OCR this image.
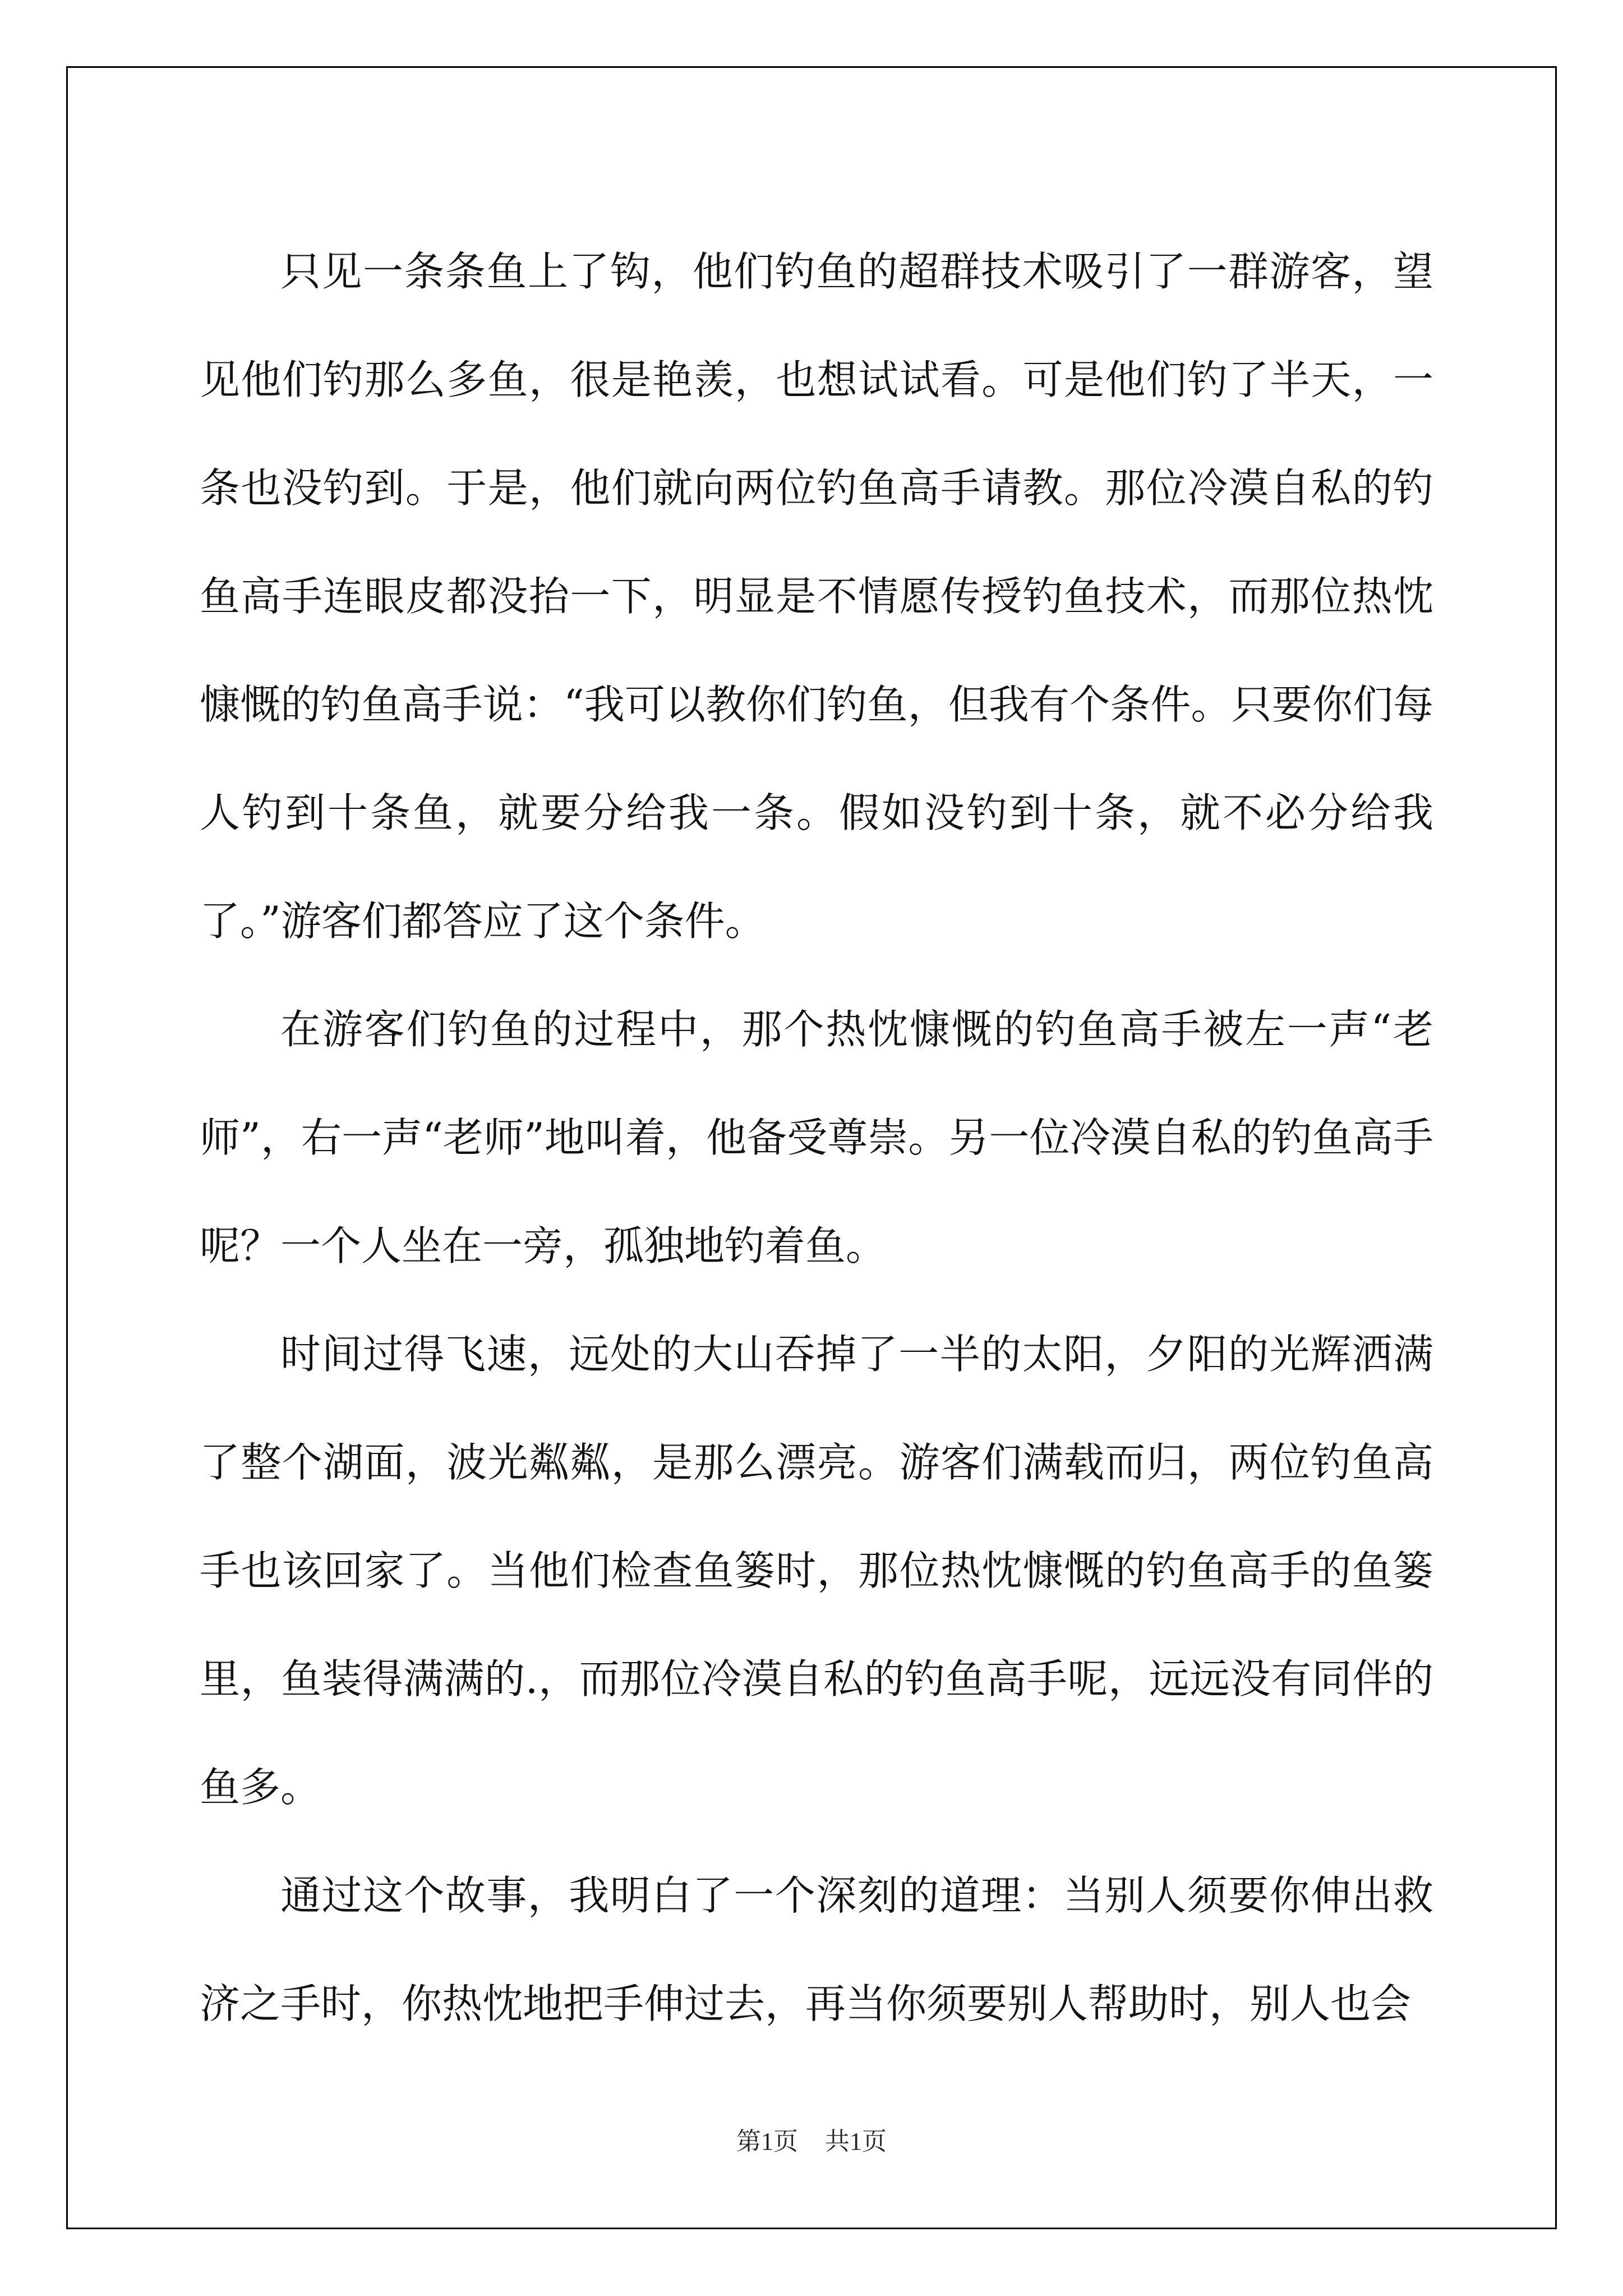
只见一条条鱼上了钩，他们钓鱼的超群技术吸引了一群游客，望见他们钓那么多鱼，很是艳羡，也想试试看。可是他们钓了半天，一条也没钓到。于是，他们就向两位钓鱼高手请教。那位冷漠自私的钓鱼高手连眼皮都没抬一下，明显是不情愿传授钓鱼技术，而那位热忱慷慨的钓鱼高手说：“我可以教你们钓鱼，但我有个条件。只要你们每人钓到十条鱼，就要分给我一条。假如没钓到十条，就不必分给我了。”游客们都答应了这个条件。

在游客们钓鱼的过程中，那个热忱慷慨的钓鱼高手被左一声“老师”，右一声“老师”地叫着，他备受尊崇。另一位冷漠自私的钓鱼高手呢？一个人坐在一旁，孤独地钓着鱼。

时间过得飞速，远处的大山吞掉了一半的太阳，夕阳的光辉洒满了整个湖面，波光粼粼，是那么漂亮。游客们满载而归，两位钓鱼高手也该回家了。当他们检查鱼篓时，那位热忱慷慨的钓鱼高手的鱼篓里，鱼装得满满的.，而那位冷漠自私的钓鱼高手呢，远远没有同伴的鱼多。

通过这个故事，我明白了一个深刻的道理：当别人须要你伸出救济之手时，你热忱地把手伸过去，再当你须要别人帮助时，别人也会

第1页 共1页
